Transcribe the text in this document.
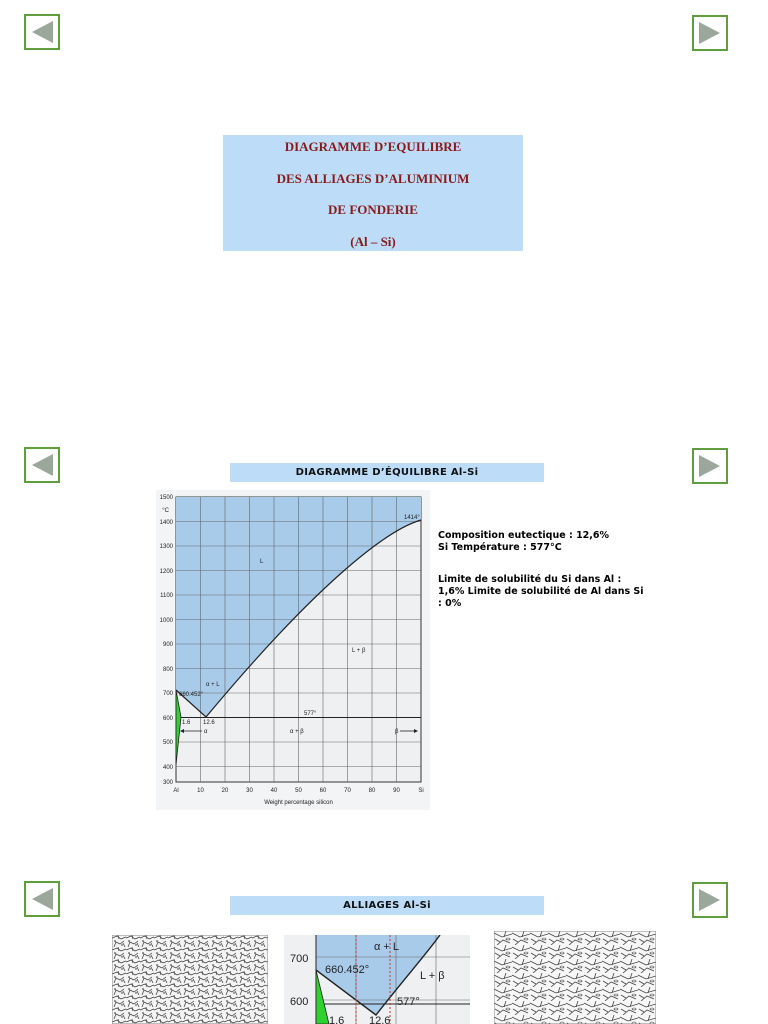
DIAGRAMME D’EQUILIBRE
DES ALLIAGES D’ALUMINIUM
DE FONDERIE
(Al – Si)
DIAGRAMME D’ÉQUILIBRE Al-Si
1500
°C
1400
1300
1200
1100
1000
900
800
700
600
500
400
300
Al	10	20	30	40	50	60	70	80	90	Si
Weight percentage silicon
L
1414°
L + β
α + L
660.452°
577°
1.6 12.6
α	α + β	β
Composition eutectique : 12,6%
Si Température : 577°C
Limite de solubilité du Si dans Al :
1,6% Limite de solubilité de Al dans Si
: 0%
ALLIAGES Al-Si
700
600
α + L
L + β
660.452°
577°
1.6 12.6
